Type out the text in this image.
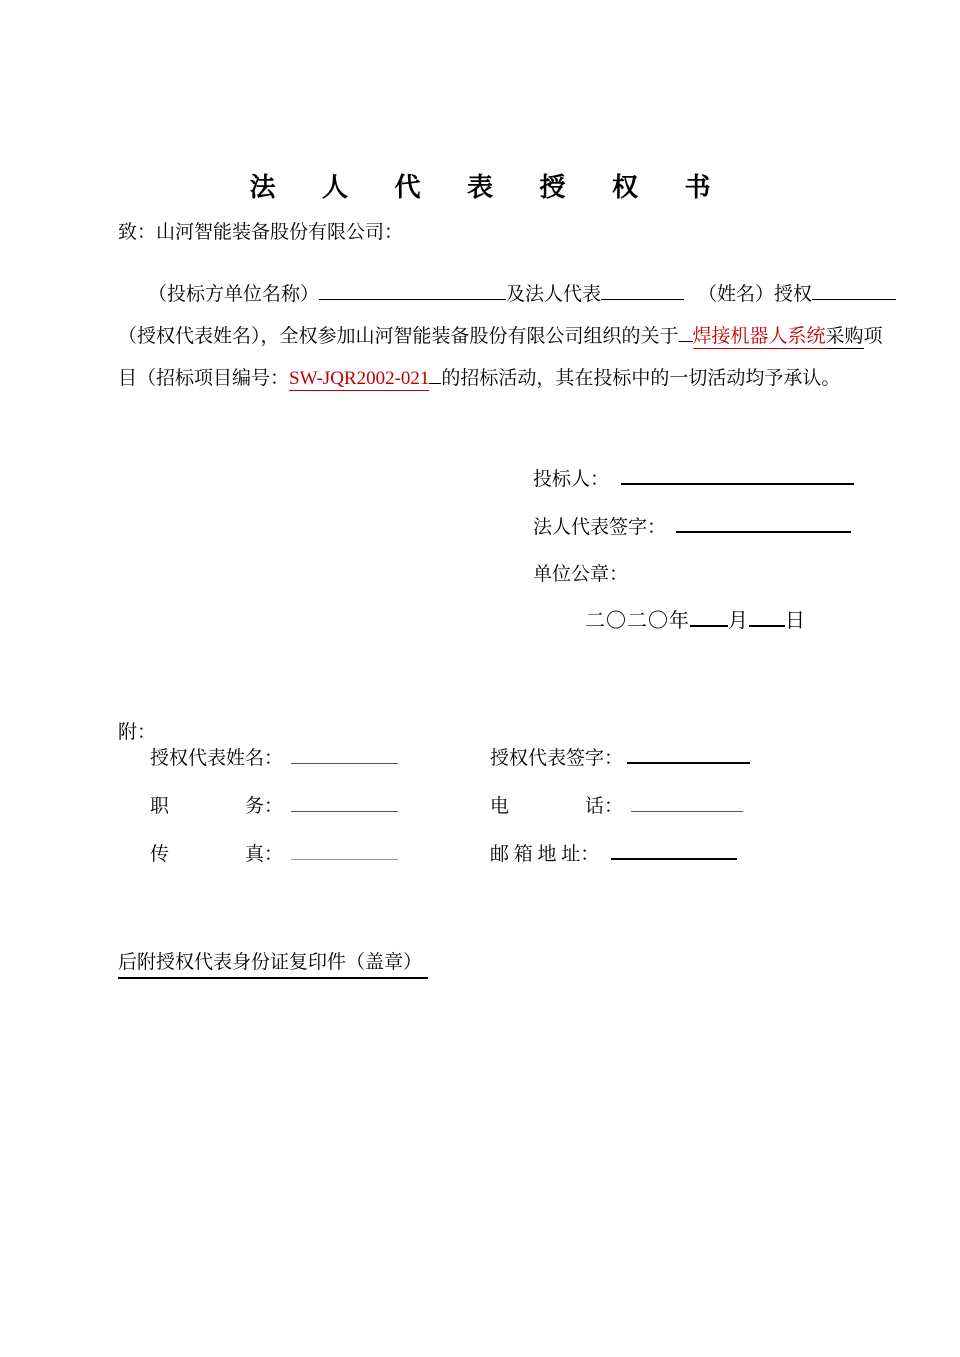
法 人 代 表 授 权 书
致：山河智能装备股份有限公司：
（投标方单位名称）	及法人代表	（姓名）授权
（授权代表姓名），全权参加山河智能装备股份有限公司组织的关于 焊接机器人系统采购项
目（招标项目编号：SW-JQR2002-021 的招标活动，其在投标中的一切活动均予承认。
投标人：
法人代表签字：
单位公章：
二〇二〇年 月 日
附：
授权代表姓名：	授权代表签字：
职　　　　务：	电　　　　话：
传　　　　真：	邮 箱 地 址：
后附授权代表身份证复印件（盖章）
